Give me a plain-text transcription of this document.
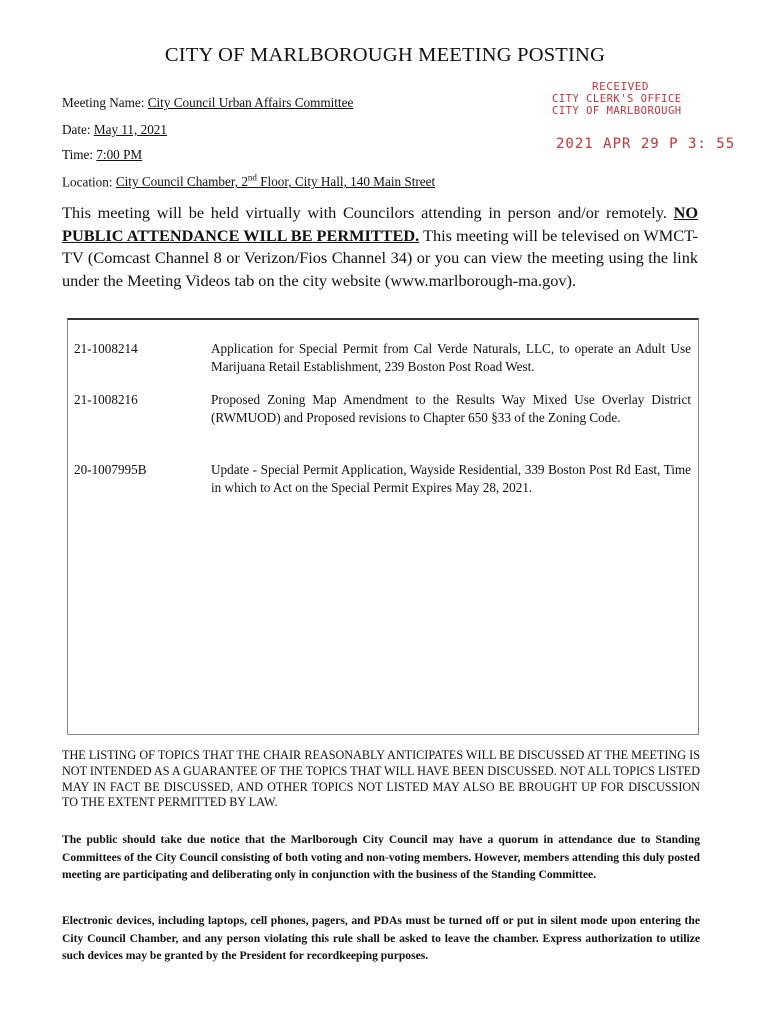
CITY OF MARLBOROUGH MEETING POSTING
Meeting Name: City Council Urban Affairs Committee
Date: May 11, 2021
Time: 7:00 PM
Location: City Council Chamber, 2nd Floor, City Hall, 140 Main Street
RECEIVED
CITY CLERK'S OFFICE
CITY OF MARLBOROUGH
2021 APR 29 P 3: 55
This meeting will be held virtually with Councilors attending in person and/or remotely. NO PUBLIC ATTENDANCE WILL BE PERMITTED. This meeting will be televised on WMCT-TV (Comcast Channel 8 or Verizon/Fios Channel 34) or you can view the meeting using the link under the Meeting Videos tab on the city website (www.marlborough-ma.gov).
21-1008214	Application for Special Permit from Cal Verde Naturals, LLC, to operate an Adult Use Marijuana Retail Establishment, 239 Boston Post Road West.
21-1008216	Proposed Zoning Map Amendment to the Results Way Mixed Use Overlay District (RWMUOD) and Proposed revisions to Chapter 650 §33 of the Zoning Code.
20-1007995B	Update - Special Permit Application, Wayside Residential, 339 Boston Post Rd East, Time in which to Act on the Special Permit Expires May 28, 2021.
THE LISTING OF TOPICS THAT THE CHAIR REASONABLY ANTICIPATES WILL BE DISCUSSED AT THE MEETING IS NOT INTENDED AS A GUARANTEE OF THE TOPICS THAT WILL HAVE BEEN DISCUSSED. NOT ALL TOPICS LISTED MAY IN FACT BE DISCUSSED, AND OTHER TOPICS NOT LISTED MAY ALSO BE BROUGHT UP FOR DISCUSSION TO THE EXTENT PERMITTED BY LAW.
The public should take due notice that the Marlborough City Council may have a quorum in attendance due to Standing Committees of the City Council consisting of both voting and non-voting members. However, members attending this duly posted meeting are participating and deliberating only in conjunction with the business of the Standing Committee.
Electronic devices, including laptops, cell phones, pagers, and PDAs must be turned off or put in silent mode upon entering the City Council Chamber, and any person violating this rule shall be asked to leave the chamber. Express authorization to utilize such devices may be granted by the President for recordkeeping purposes.
